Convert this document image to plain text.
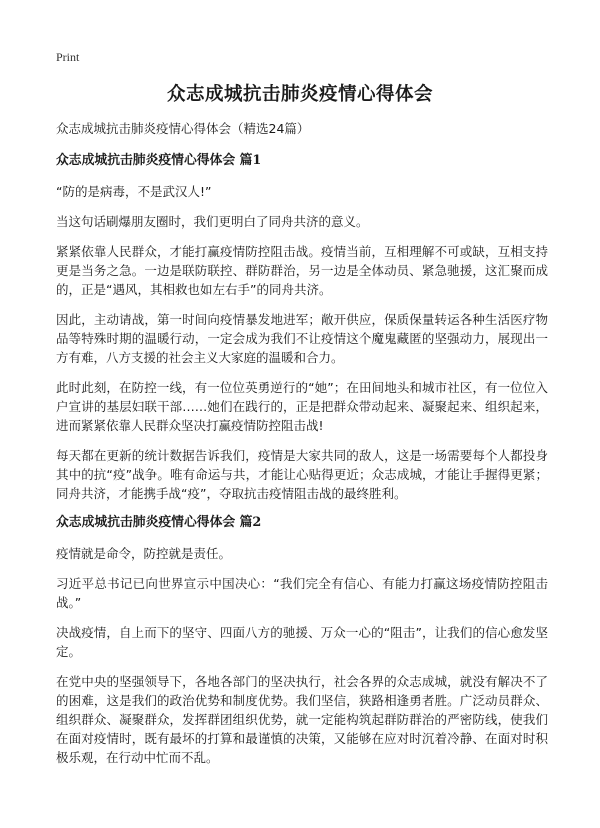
Print
众志成城抗击肺炎疫情心得体会

众志成城抗击肺炎疫情心得体会（精选24篇）

众志成城抗击肺炎疫情心得体会 篇1

“防的是病毒，不是武汉人!”

当这句话刷爆朋友圈时，我们更明白了同舟共济的意义。

紧紧依靠人民群众，才能打赢疫情防控阻击战。疫情当前，互相理解不可或缺，互相支持更是当务之急。一边是联防联控、群防群治，另一边是全体动员、紧急驰援，这汇聚而成的，正是“遇风，其相救也如左右手”的同舟共济。

因此，主动请战，第一时间向疫情暴发地进军；敞开供应，保质保量转运各种生活医疗物品等特殊时期的温暖行动，一定会成为我们不让疫情这个魔鬼藏匿的坚强动力，展现出一方有难，八方支援的社会主义大家庭的温暖和合力。

此时此刻，在防控一线，有一位位英勇逆行的“她”；在田间地头和城市社区，有一位位入户宣讲的基层妇联干部……她们在践行的，正是把群众带动起来、凝聚起来、组织起来，进而紧紧依靠人民群众坚决打赢疫情防控阻击战!

每天都在更新的统计数据告诉我们，疫情是大家共同的敌人，这是一场需要每个人都投身其中的抗“疫”战争。唯有命运与共，才能让心贴得更近；众志成城，才能让手握得更紧；同舟共济，才能携手战“疫”，夺取抗击疫情阻击战的最终胜利。

众志成城抗击肺炎疫情心得体会 篇2

疫情就是命令，防控就是责任。

习近平总书记已向世界宣示中国决心：“我们完全有信心、有能力打赢这场疫情防控阻击战。”

决战疫情，自上而下的坚守、四面八方的驰援、万众一心的“阻击”，让我们的信心愈发坚定。

在党中央的坚强领导下，各地各部门的坚决执行，社会各界的众志成城，就没有解决不了的困难，这是我们的政治优势和制度优势。我们坚信，狭路相逢勇者胜。广泛动员群众、组织群众、凝聚群众，发挥群团组织优势，就一定能构筑起群防群治的严密防线，使我们在面对疫情时，既有最坏的打算和最谨慎的决策，又能够在应对时沉着冷静、在面对时积极乐观，在行动中忙而不乱。
